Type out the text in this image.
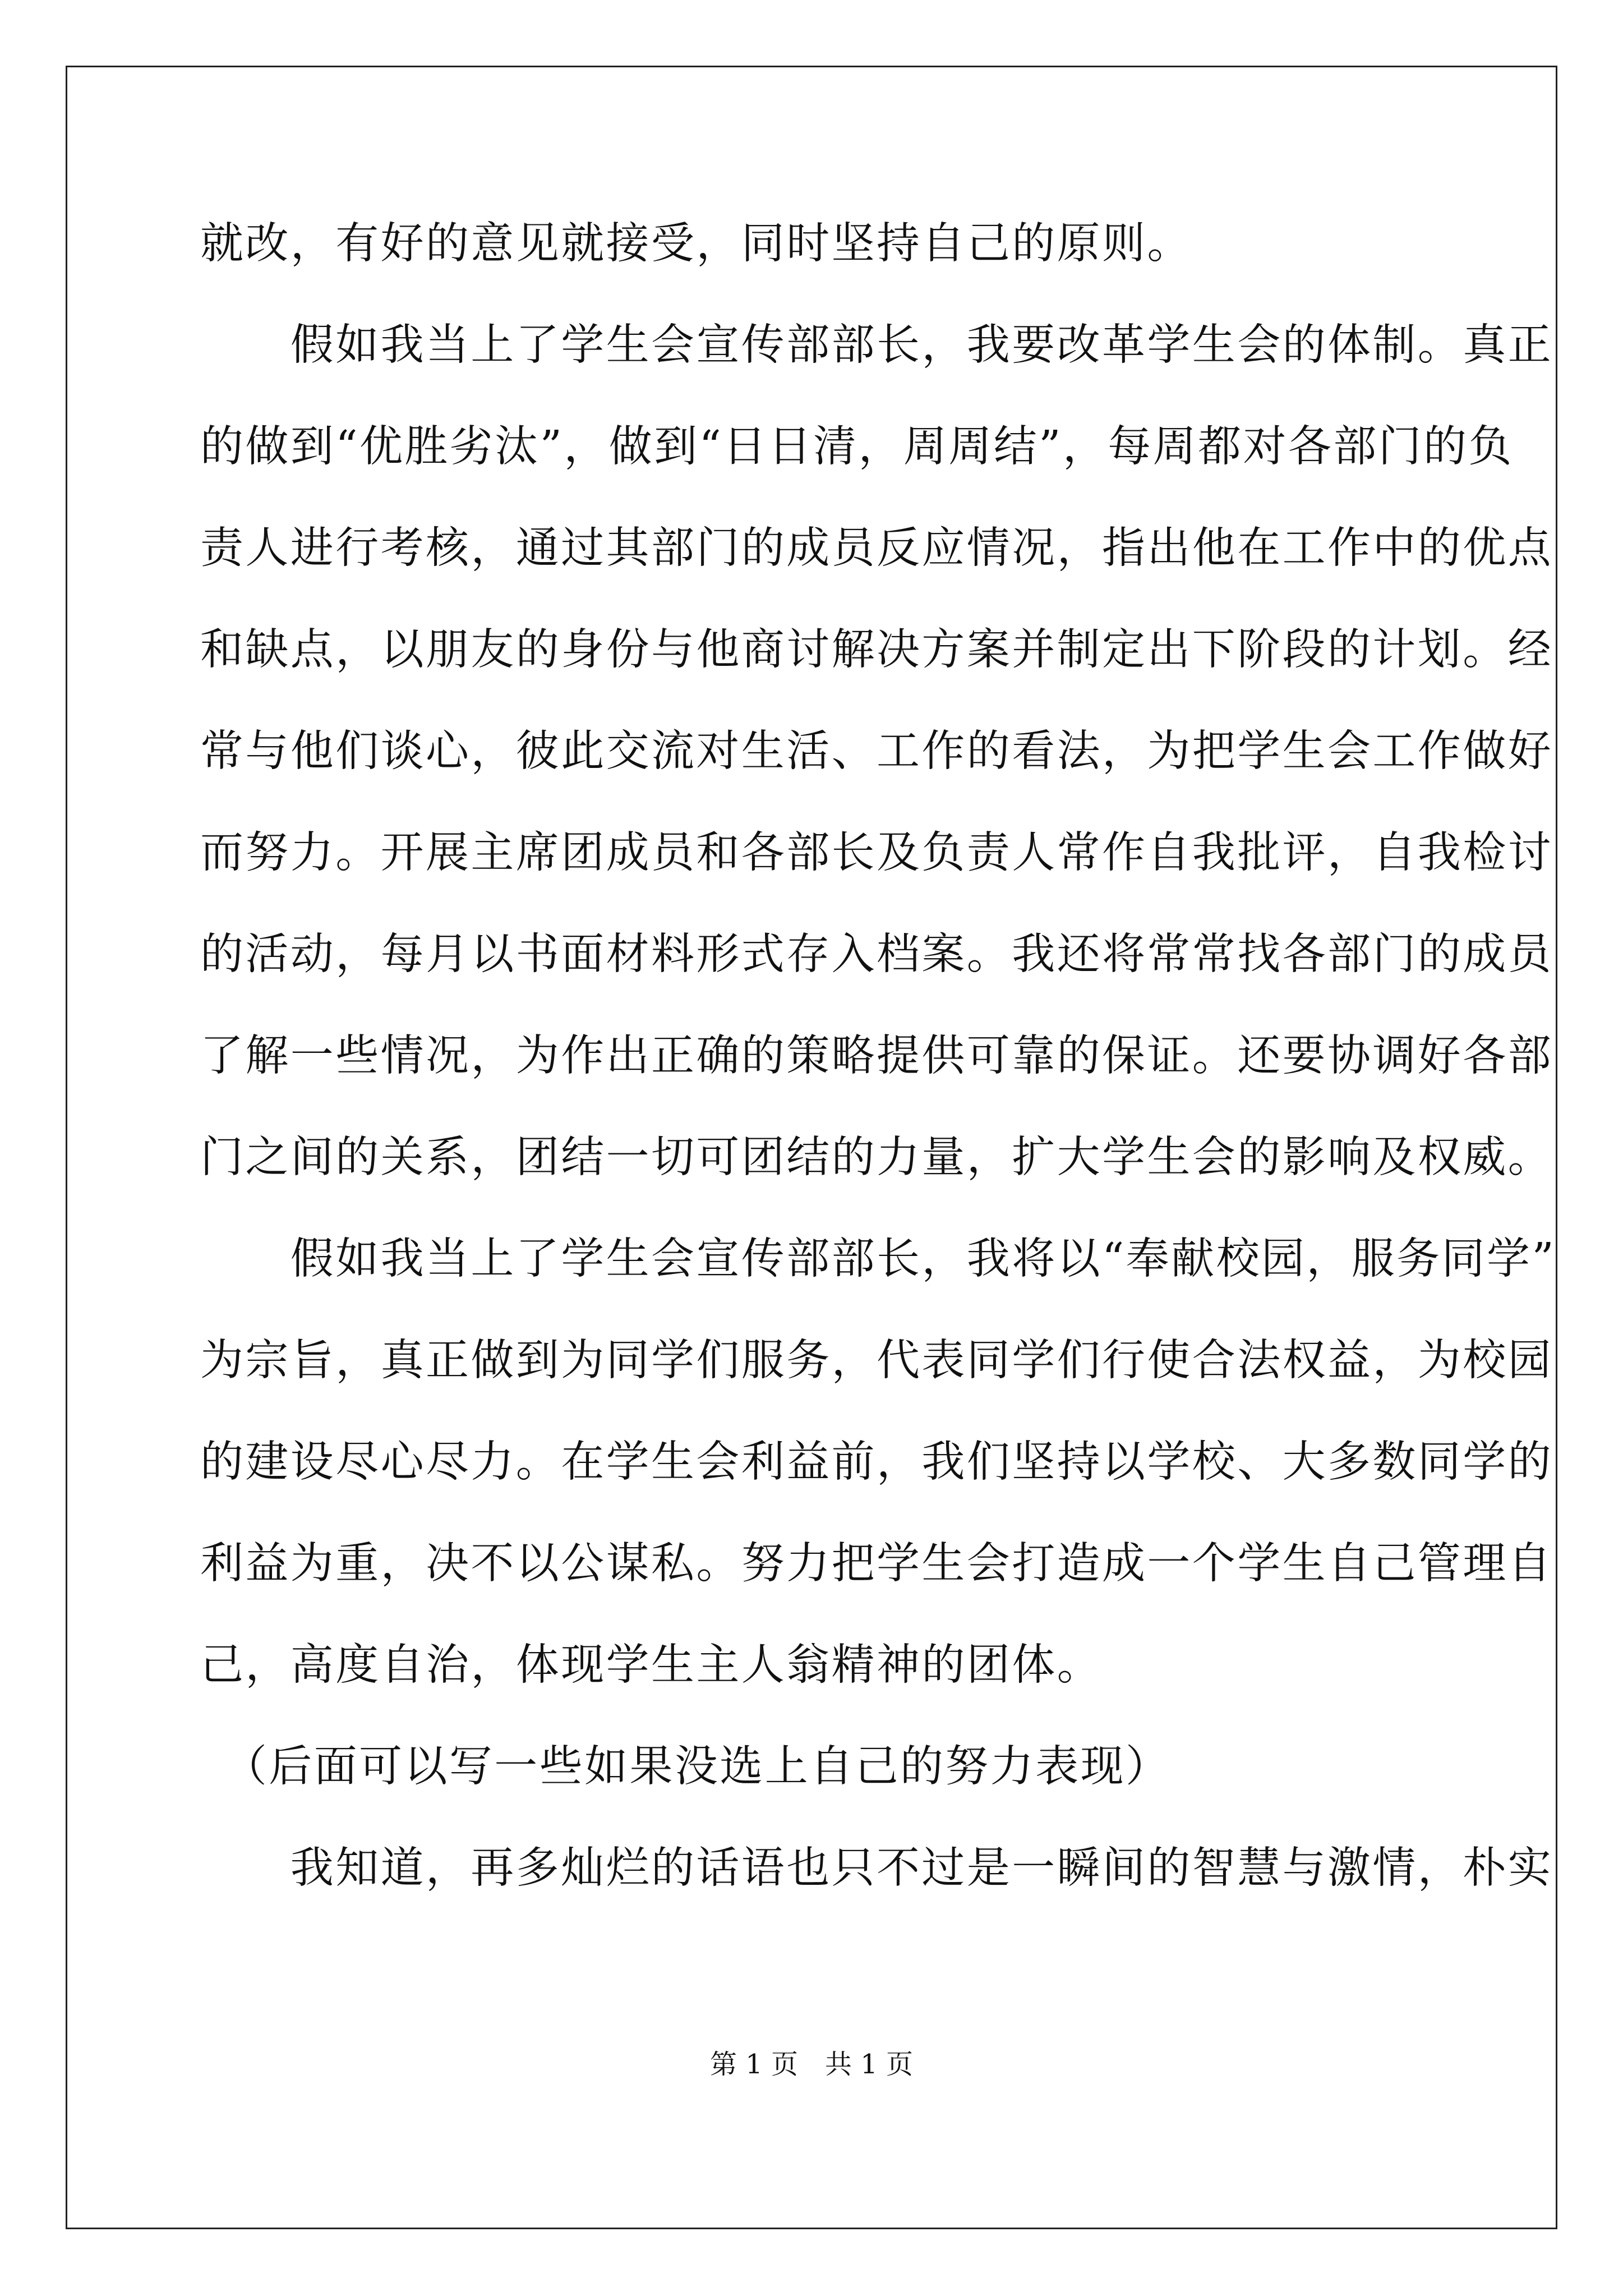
就改，有好的意见就接受，同时坚持自己的原则。
　　假如我当上了学生会宣传部部长，我要改革学生会的体制。真正
的做到“优胜劣汰”，做到“日日清，周周结”，每周都对各部门的负
责人进行考核，通过其部门的成员反应情况，指出他在工作中的优点
和缺点，以朋友的身份与他商讨解决方案并制定出下阶段的计划。经
常与他们谈心，彼此交流对生活、工作的看法，为把学生会工作做好
而努力。开展主席团成员和各部长及负责人常作自我批评，自我检讨
的活动，每月以书面材料形式存入档案。我还将常常找各部门的成员
了解一些情况，为作出正确的策略提供可靠的保证。还要协调好各部
门之间的关系，团结一切可团结的力量，扩大学生会的影响及权威。
　　假如我当上了学生会宣传部部长，我将以“奉献校园，服务同学”
为宗旨，真正做到为同学们服务，代表同学们行使合法权益，为校园
的建设尽心尽力。在学生会利益前，我们坚持以学校、大多数同学的
利益为重，决不以公谋私。努力把学生会打造成一个学生自己管理自
己，高度自治，体现学生主人翁精神的团体。
　（后面可以写一些如果没选上自己的努力表现）
　　我知道，再多灿烂的话语也只不过是一瞬间的智慧与激情，朴实
第 1 页　共 1 页
